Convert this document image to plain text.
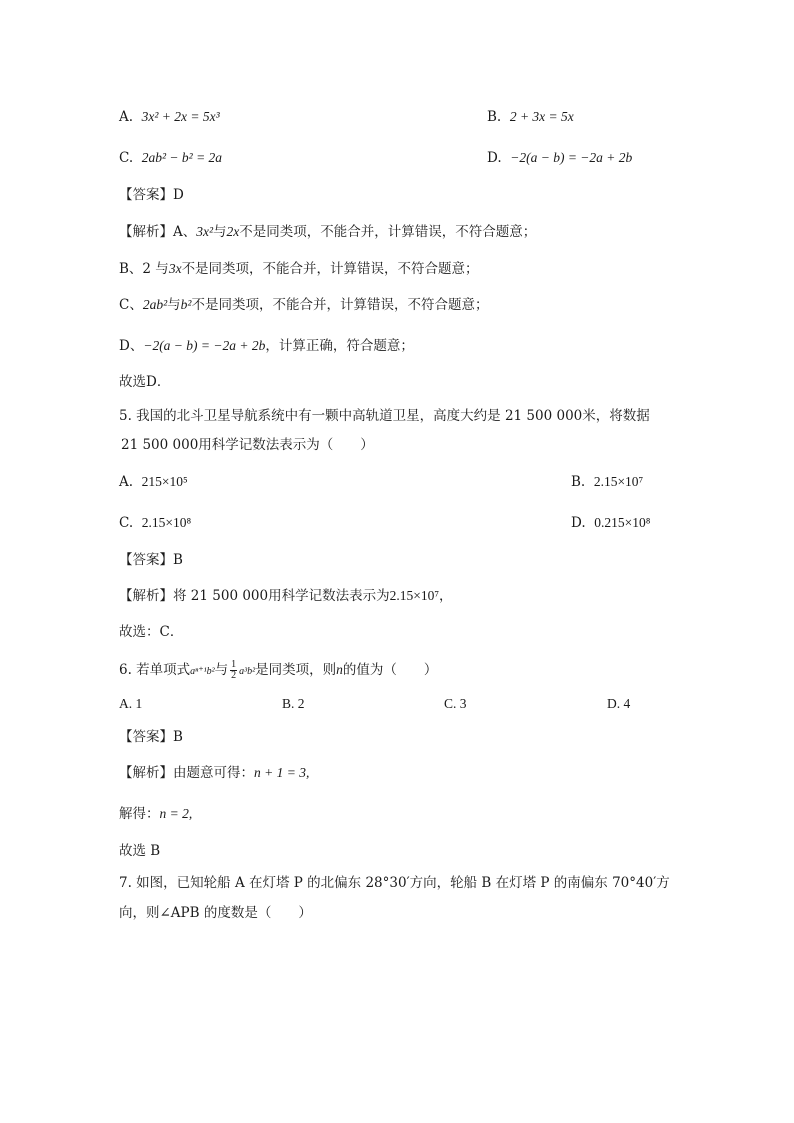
A. 3x² + 2x = 5x³	B. 2 + 3x = 5x
C. 2ab² − b² = 2a	D. −2(a − b) = −2a + 2b
【答案】D
【解析】A、3x²与2x不是同类项，不能合并，计算错误，不符合题意；
B、2 与3x不是同类项，不能合并，计算错误，不符合题意；
C、2ab²与b²不是同类项，不能合并，计算错误，不符合题意；
D、−2(a − b) = −2a + 2b，计算正确，符合题意；
故选D．
5. 我国的北斗卫星导航系统中有一颗中高轨道卫星，高度大约是 21 500 000米，将数据
21 500 000用科学记数法表示为（　　）
A. 215×10⁵	B. 2.15×10⁷
C. 2.15×10⁸	D. 0.215×10⁸
【答案】B
【解析】将 21 500 000用科学记数法表示为2.15×10⁷，
故选：C．
6. 若单项式aⁿ⁺¹b²与 $\frac{1}{2} a^3b^2$是同类项，则n的值为（　　）
A. 1	B. 2	C. 3	D. 4
【答案】B
【解析】由题意可得：n + 1 = 3,
解得：n = 2,
故选 B
7. 如图，已知轮船 A 在灯塔 P 的北偏东 28°30′方向，轮船 B 在灯塔 P 的南偏东 70°40′方
向，则∠APB 的度数是（　　）
